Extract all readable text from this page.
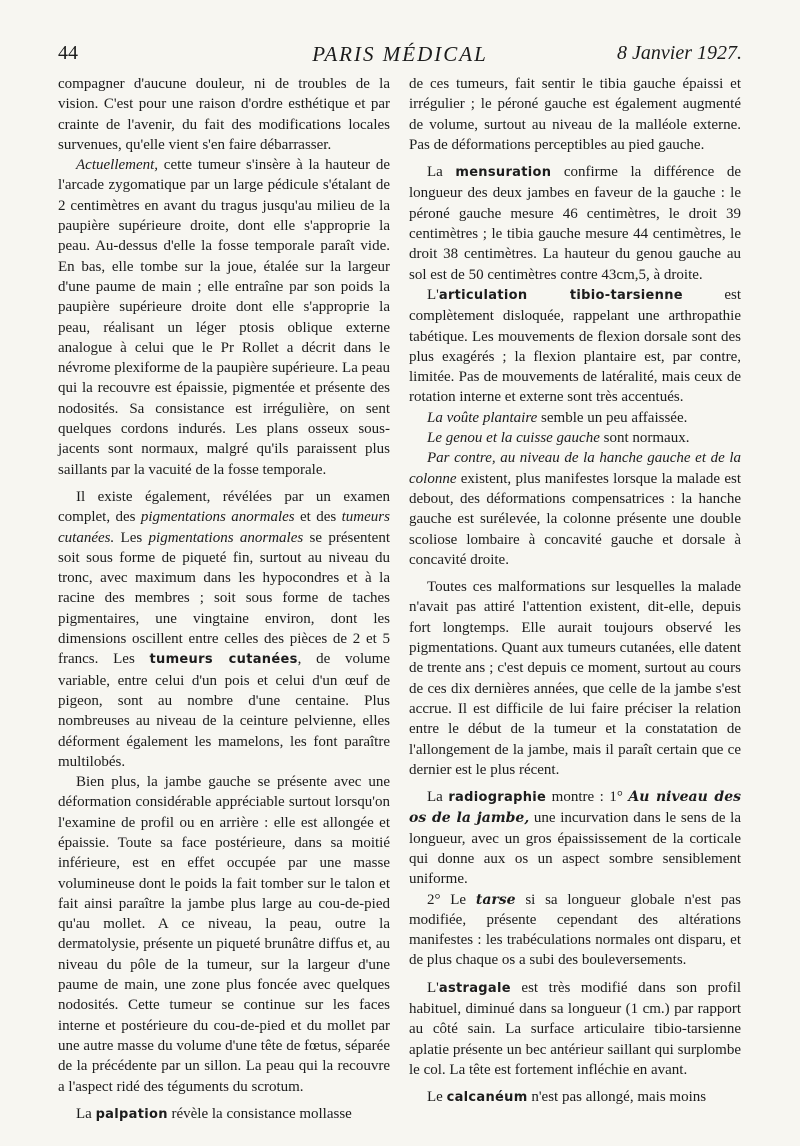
44	PARIS MÉDICAL	8 Janvier 1927.

compagner d'aucune douleur, ni de troubles de la vision. C'est pour une raison d'ordre esthétique et par crainte de l'avenir, du fait des modifications locales survenues, qu'elle vient s'en faire débarrasser.

Actuellement, cette tumeur s'insère à la hauteur de l'arcade zygomatique par un large pédicule s'étalant de 2 centimètres en avant du tragus jusqu'au milieu de la paupière supérieure droite, dont elle s'approprie la peau. Au-dessus d'elle la fosse temporale paraît vide. En bas, elle tombe sur la joue, étalée sur la largeur d'une paume de main ; elle entraîne par son poids la paupière supérieure droite dont elle s'approprie la peau, réalisant un léger ptosis oblique externe analogue à celui que le Pr Rollet a décrit dans le névrome plexiforme de la paupière supérieure. La peau qui la recouvre est épaissie, pigmentée et présente des nodosités. Sa consistance est irrégulière, on sent quelques cordons indurés. Les plans osseux sous-jacents sont normaux, malgré qu'ils paraissent plus saillants par la vacuité de la fosse temporale.

Il existe également, révélées par un examen complet, des pigmentations anormales et des tumeurs cutanées. Les pigmentations anormales se présentent soit sous forme de piqueté fin, surtout au niveau du tronc, avec maximum dans les hypocondres et à la racine des membres ; soit sous forme de taches pigmentaires, une vingtaine environ, dont les dimensions oscillent entre celles des pièces de 2 et 5 francs. Les tumeurs cutanées, de volume variable, entre celui d'un pois et celui d'un œuf de pigeon, sont au nombre d'une centaine. Plus nombreuses au niveau de la ceinture pelvienne, elles déforment également les mamelons, les font paraître multilobés.

Bien plus, la jambe gauche se présente avec une déformation considérable appréciable surtout lorsqu'on l'examine de profil ou en arrière : elle est allongée et épaissie. Toute sa face postérieure, dans sa moitié inférieure, est en effet occupée par une masse volumineuse dont le poids la fait tomber sur le talon et fait ainsi paraître la jambe plus large au cou-de-pied qu'au mollet. A ce niveau, la peau, outre la dermatolysie, présente un piqueté brunâtre diffus et, au niveau du pôle de la tumeur, sur la largeur d'une paume de main, une zone plus foncée avec quelques nodosités. Cette tumeur se continue sur les faces interne et postérieure du cou-de-pied et du mollet par une autre masse du volume d'une tête de fœtus, séparée de la précédente par un sillon. La peau qui la recouvre a l'aspect ridé des téguments du scrotum.

La palpation révèle la consistance mollasse

de ces tumeurs, fait sentir le tibia gauche épaissi et irrégulier ; le péroné gauche est également augmenté de volume, surtout au niveau de la malléole externe. Pas de déformations perceptibles au pied gauche.

La mensuration confirme la différence de longueur des deux jambes en faveur de la gauche : le péroné gauche mesure 46 centimètres, le droit 39 centimètres ; le tibia gauche mesure 44 centimètres, le droit 38 centimètres. La hauteur du genou gauche au sol est de 50 centimètres contre 43cm,5, à droite.

L'articulation tibio-tarsienne est complètement disloquée, rappelant une arthropathie tabétique. Les mouvements de flexion dorsale sont des plus exagérés ; la flexion plantaire est, par contre, limitée. Pas de mouvements de latéralité, mais ceux de rotation interne et externe sont très accentués.

La voûte plantaire semble un peu affaissée.

Le genou et la cuisse gauche sont normaux.

Par contre, au niveau de la hanche gauche et de la colonne existent, plus manifestes lorsque la malade est debout, des déformations compensatrices : la hanche gauche est surélevée, la colonne présente une double scoliose lombaire à concavité gauche et dorsale à concavité droite.

Toutes ces malformations sur lesquelles la malade n'avait pas attiré l'attention existent, dit-elle, depuis fort longtemps. Elle aurait toujours observé les pigmentations. Quant aux tumeurs cutanées, elle datent de trente ans ; c'est depuis ce moment, surtout au cours de ces dix dernières années, que celle de la jambe s'est accrue. Il est difficile de lui faire préciser la relation entre le début de la tumeur et la constatation de l'allongement de la jambe, mais il paraît certain que ce dernier est le plus récent.

La radiographie montre : 1° Au niveau des os de la jambe, une incurvation dans le sens de la longueur, avec un gros épaississement de la corticale qui donne aux os un aspect sombre sensiblement uniforme.

2° Le tarse si sa longueur globale n'est pas modifiée, présente cependant des altérations manifestes : les trabéculations normales ont disparu, et de plus chaque os a subi des bouleversements.

L'astragale est très modifié dans son profil habituel, diminué dans sa longueur (1 cm.) par rapport au côté sain. La surface articulaire tibio-tarsienne aplatie présente un bec antérieur saillant qui surplombe le col. La tête est fortement infléchie en avant.

Le calcanéum n'est pas allongé, mais moins
